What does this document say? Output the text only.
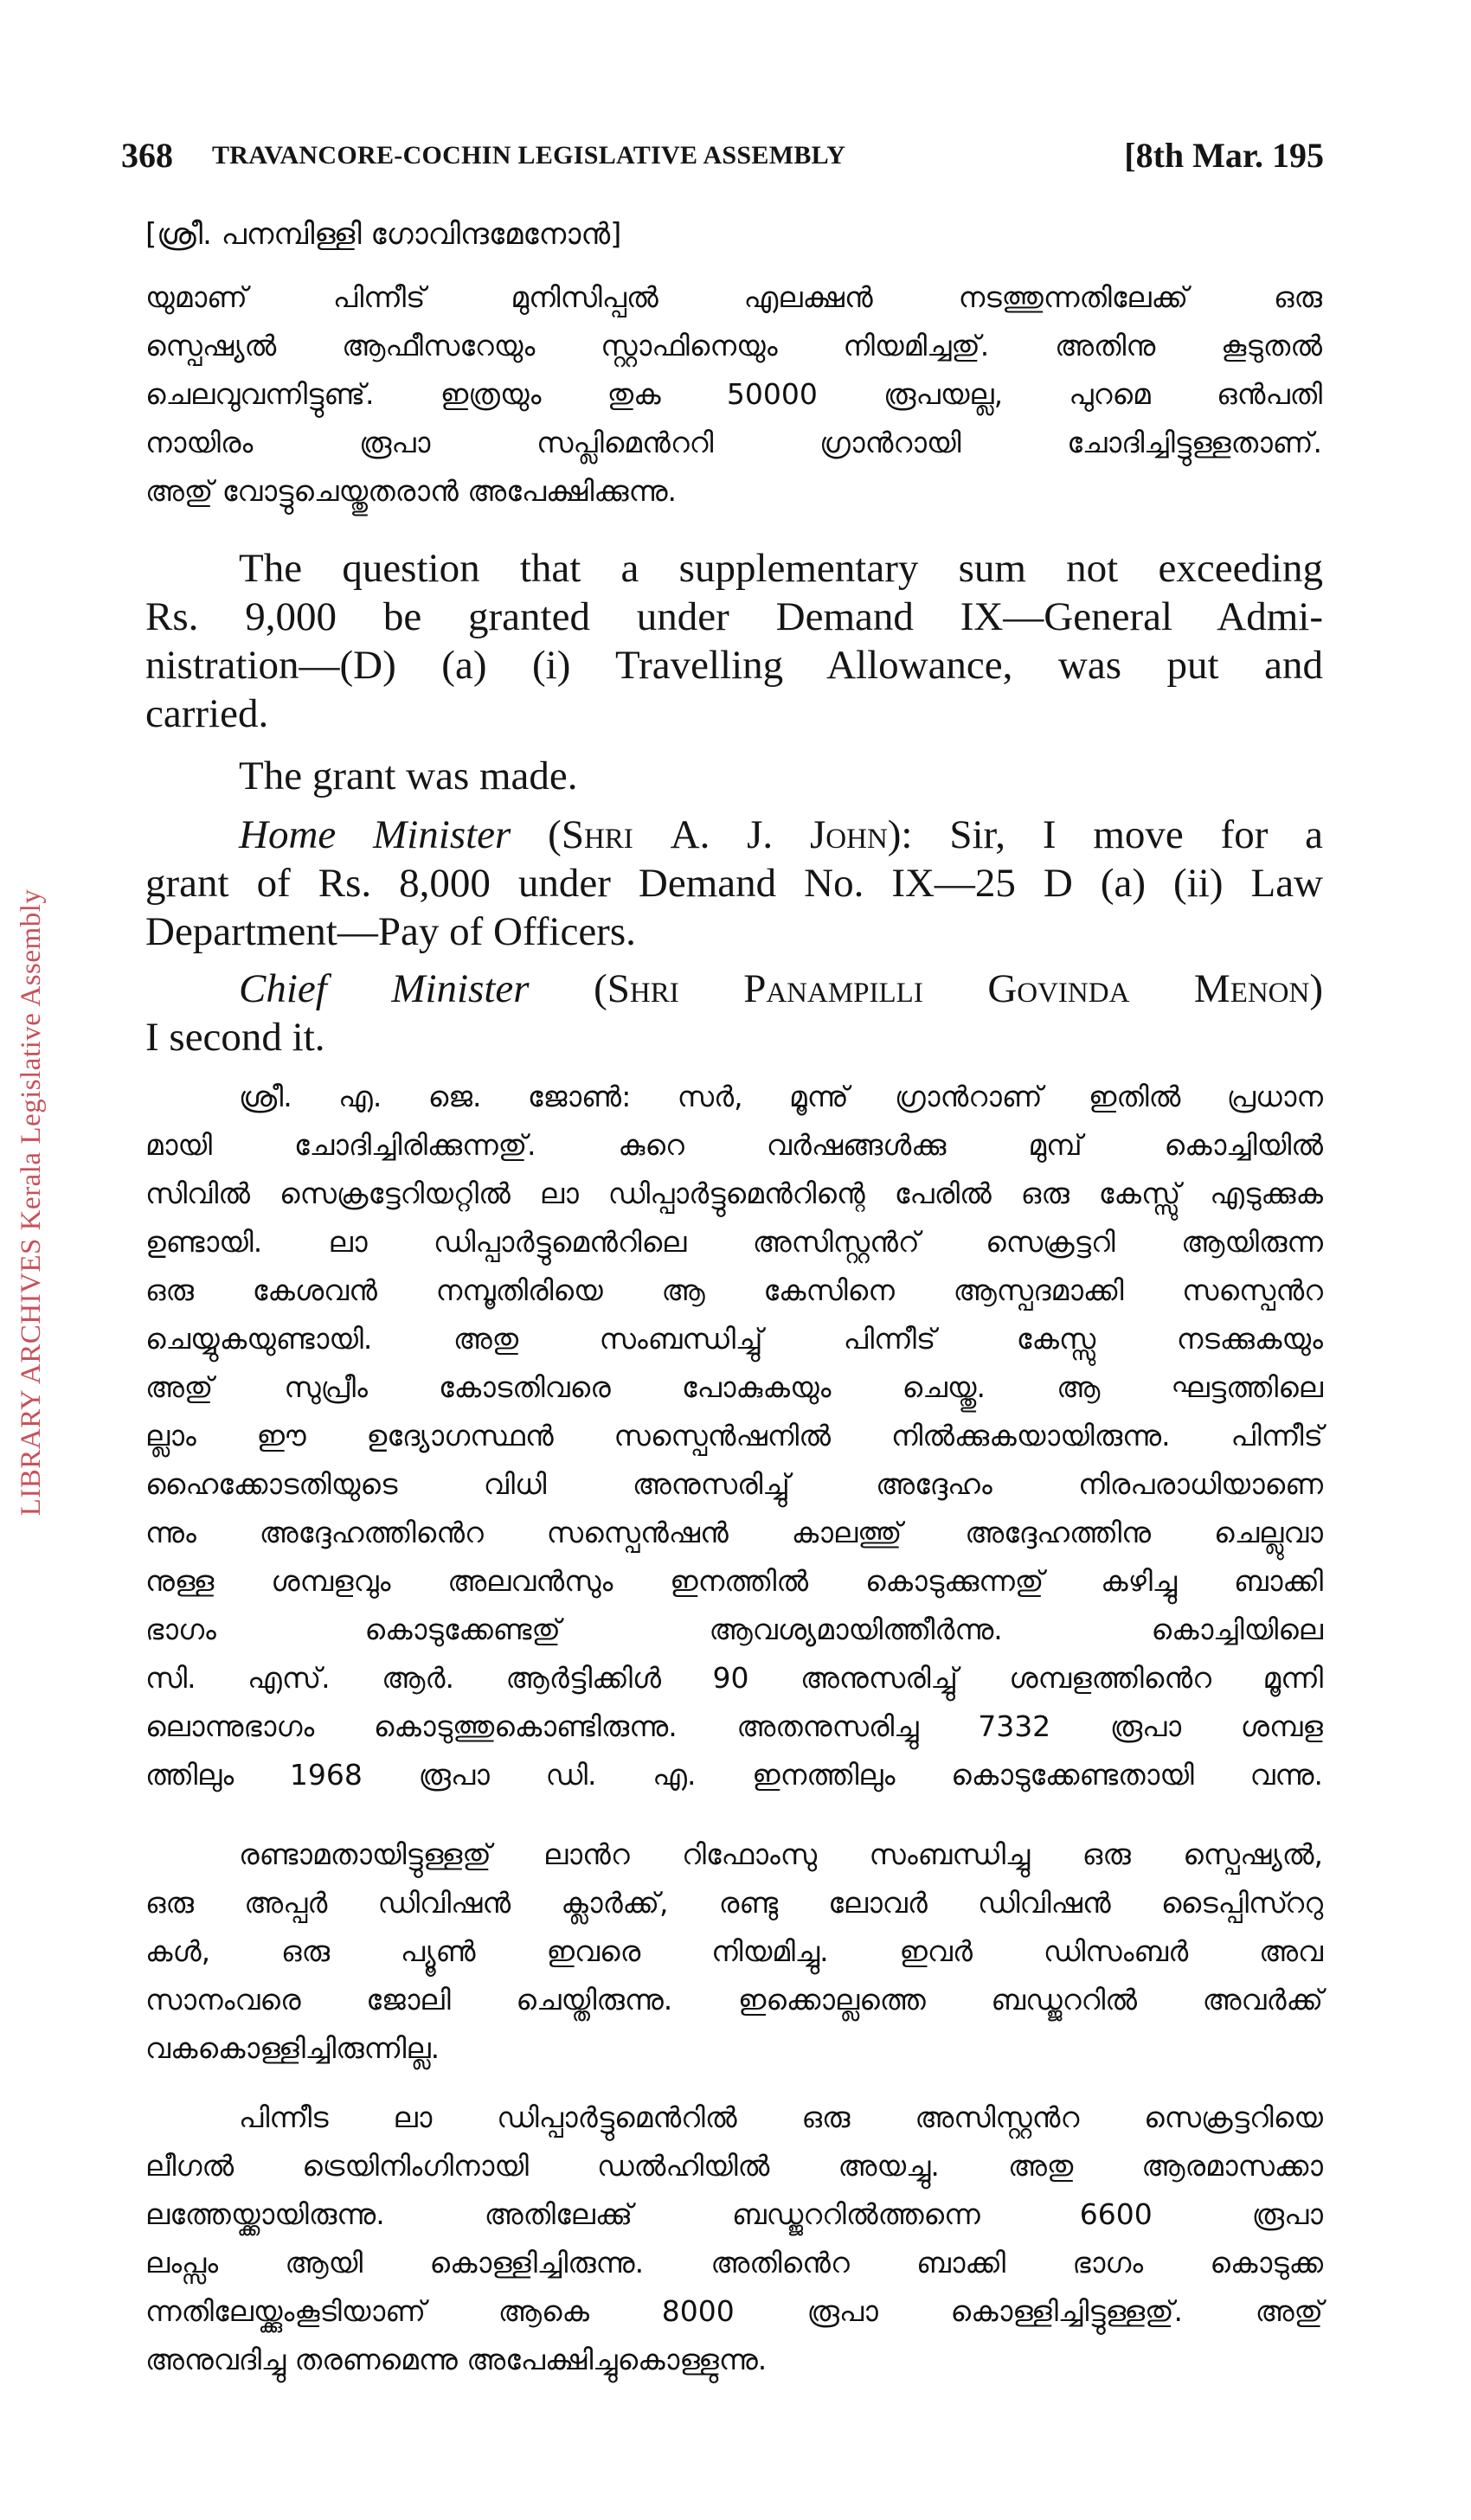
LIBRARY ARCHIVES Kerala Legislative Assembly
368 TRAVANCORE-COCHIN LEGISLATIVE ASSEMBLY	[8th Mar. 195
[ശ്രീ. പനമ്പിള്ളി ഗോവിന്ദമേനോൻ]
യുമാണ് പിന്നീട് മുനിസിപ്പൽ എലക്ഷൻ നടത്തുന്നതിലേക്ക് ഒരു
സ്പെഷ്യൽ ആഫീസറേയും സ്റ്റാഫിനെയും നിയമിച്ചതു്. അതിനു കൂടുതൽ
ചെലവുവന്നിട്ടുണ്ട്. ഇത്രയും തുക 50000 രൂപയല്ല, പുറമെ ഒൻപതി
നായിരം രൂപാ സപ്ലിമെൻററി ഗ്രാൻറായി ചോദിച്ചിട്ടുള്ളതാണ്.
അതു് വോട്ടുചെയ്തുതരാൻ അപേക്ഷിക്കുന്നു.
The question that a supplementary sum not exceeding
Rs. 9,000 be granted under Demand IX—General Admi-
nistration—(D) (a) (i) Travelling Allowance, was put and
carried.
The grant was made.
Home Minister (Shri A. J. John): Sir, I move for a
grant of Rs. 8,000 under Demand No. IX—25 D (a) (ii) Law
Department—Pay of Officers.
Chief Minister (Shri Panampilli Govinda Menon)
I second it.
ശ്രീ. എ. ജെ. ജോൺ: സർ, മൂന്നു് ഗ്രാൻറാണ് ഇതിൽ പ്രധാന
മായി ചോദിച്ചിരിക്കുന്നതു്. കുറെ വർഷങ്ങൾക്കു മുമ്പ് കൊച്ചിയിൽ
സിവിൽ സെക്രട്ടേറിയറ്റിൽ ലാ ഡിപ്പാർട്ടുമെൻറിന്റെ പേരിൽ ഒരു കേസ്സു് എടുക്കുക
ഉണ്ടായി. ലാ ഡിപ്പാർട്ടുമെൻറിലെ അസിസ്റ്റൻറ് സെക്രട്ടറി ആയിരുന്ന
ഒരു കേശവൻ നമ്പൂതിരിയെ ആ കേസിനെ ആസ്പദമാക്കി സസ്പെൻറ
ചെയ്യുകയുണ്ടായി. അതു സംബന്ധിച്ചു് പിന്നീട് കേസ്സു നടക്കുകയും
അതു് സുപ്രീം കോടതിവരെ പോകുകയും ചെയ്തു. ആ ഘട്ടത്തിലെ
ല്ലാം ഈ ഉദ്യോഗസ്ഥൻ സസ്പെൻഷനിൽ നിൽക്കുകയായിരുന്നു. പിന്നീട്
ഹൈക്കോടതിയുടെ വിധി അനുസരിച്ചു് അദ്ദേഹം നിരപരാധിയാണെ
ന്നും അദ്ദേഹത്തിൻെറ സസ്പെൻഷൻ കാലത്തു് അദ്ദേഹത്തിനു ചെല്ലുവാ
നുള്ള ശമ്പളവും അലവൻസും ഇനത്തിൽ കൊടുക്കുന്നതു് കഴിച്ചു ബാക്കി
ഭാഗം കൊടുക്കേണ്ടതു് ആവശ്യമായിത്തീർന്നു. കൊച്ചിയിലെ
സി. എസ്. ആർ. ആർട്ടിക്കിൾ 90 അനുസരിച്ചു് ശമ്പളത്തിൻെറ മൂന്നി
ലൊന്നുഭാഗം കൊടുത്തുകൊണ്ടിരുന്നു. അതനുസരിച്ചു 7332 രൂപാ ശമ്പള
ത്തിലും 1968 രൂപാ ഡി. എ. ഇനത്തിലും കൊടുക്കേണ്ടതായി വന്നു.
രണ്ടാമതായിട്ടുള്ളതു് ലാൻറ റിഫോംസു സംബന്ധിച്ചു ഒരു സ്പെഷ്യൽ,
ഒരു അപ്പർ ഡിവിഷൻ ക്ലാർക്ക്, രണ്ടു ലോവർ ഡിവിഷൻ ടൈപ്പിസ്ററു
കൾ, ഒരു പ്യൂൺ ഇവരെ നിയമിച്ചു. ഇവർ ഡിസംബർ അവ
സാനംവരെ ജോലി ചെയ്തിരുന്നു. ഇക്കൊല്ലത്തെ ബഡ്ജററിൽ അവർക്ക്
വകകൊള്ളിച്ചിരുന്നില്ല.
പിന്നീട ലാ ഡിപ്പാർട്ടുമെൻറിൽ ഒരു അസിസ്റ്റൻറ സെക്രട്ടറിയെ
ലീഗൽ ട്രെയിനിംഗിനായി ഡൽഹിയിൽ അയച്ചു. അതു ആരമാസക്കാ
ലത്തേയ്ക്കായിരുന്നു. അതിലേക്കു് ബഡ്ജററിൽത്തന്നെ 6600 രൂപാ
ലംപ്സം ആയി കൊള്ളിച്ചിരുന്നു. അതിൻെറ ബാക്കി ഭാഗം കൊടുക്ക
ന്നതിലേയ്ക്കുംകൂടിയാണ് ആകെ 8000 രൂപാ കൊള്ളിച്ചിട്ടുള്ളതു്. അതു്
അനുവദിച്ചു തരണമെന്നു അപേക്ഷിച്ചുകൊള്ളുന്നു.
